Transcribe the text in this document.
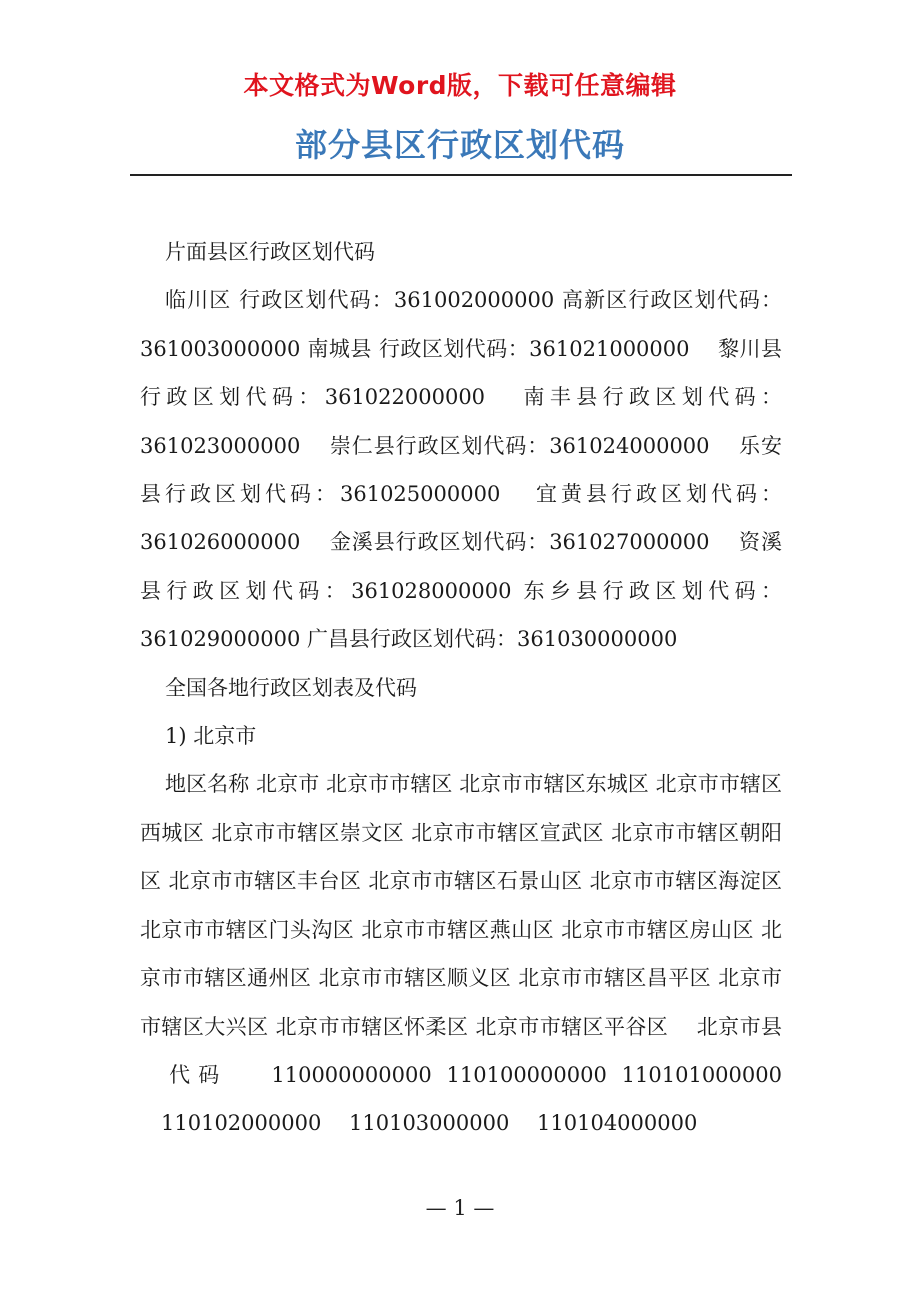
本文格式为Word版，下载可任意编辑
部分县区行政区划代码

片面县区行政区划代码

临川区 行政区划代码：361002000000 高新区行政区划代码：361003000000 南城县 行政区划代码：361021000000 　黎川县行政区划代码：361022000000 　南丰县行政区划代码：361023000000 　崇仁县行政区划代码：361024000000 　乐安县行政区划代码：361025000000 　宜黄县行政区划代码：361026000000 　金溪县行政区划代码：361027000000 　资溪县行政区划代码：361028000000 东乡县行政区划代码：361029000000 广昌县行政区划代码：361030000000

全国各地行政区划表及代码

1) 北京市

地区名称 北京市 北京市市辖区 北京市市辖区东城区 北京市市辖区西城区 北京市市辖区崇文区 北京市市辖区宣武区 北京市市辖区朝阳区 北京市市辖区丰台区 北京市市辖区石景山区 北京市市辖区海淀区 北京市市辖区门头沟区 北京市市辖区燕山区 北京市市辖区房山区 北京市市辖区通州区 北京市市辖区顺义区 北京市市辖区昌平区 北京市市辖区大兴区 北京市市辖区怀柔区 北京市市辖区平谷区 　北京市县 　代码 　110000000000 110100000000 110101000000 　110102000000 　110103000000 　110104000000

— 1 —
